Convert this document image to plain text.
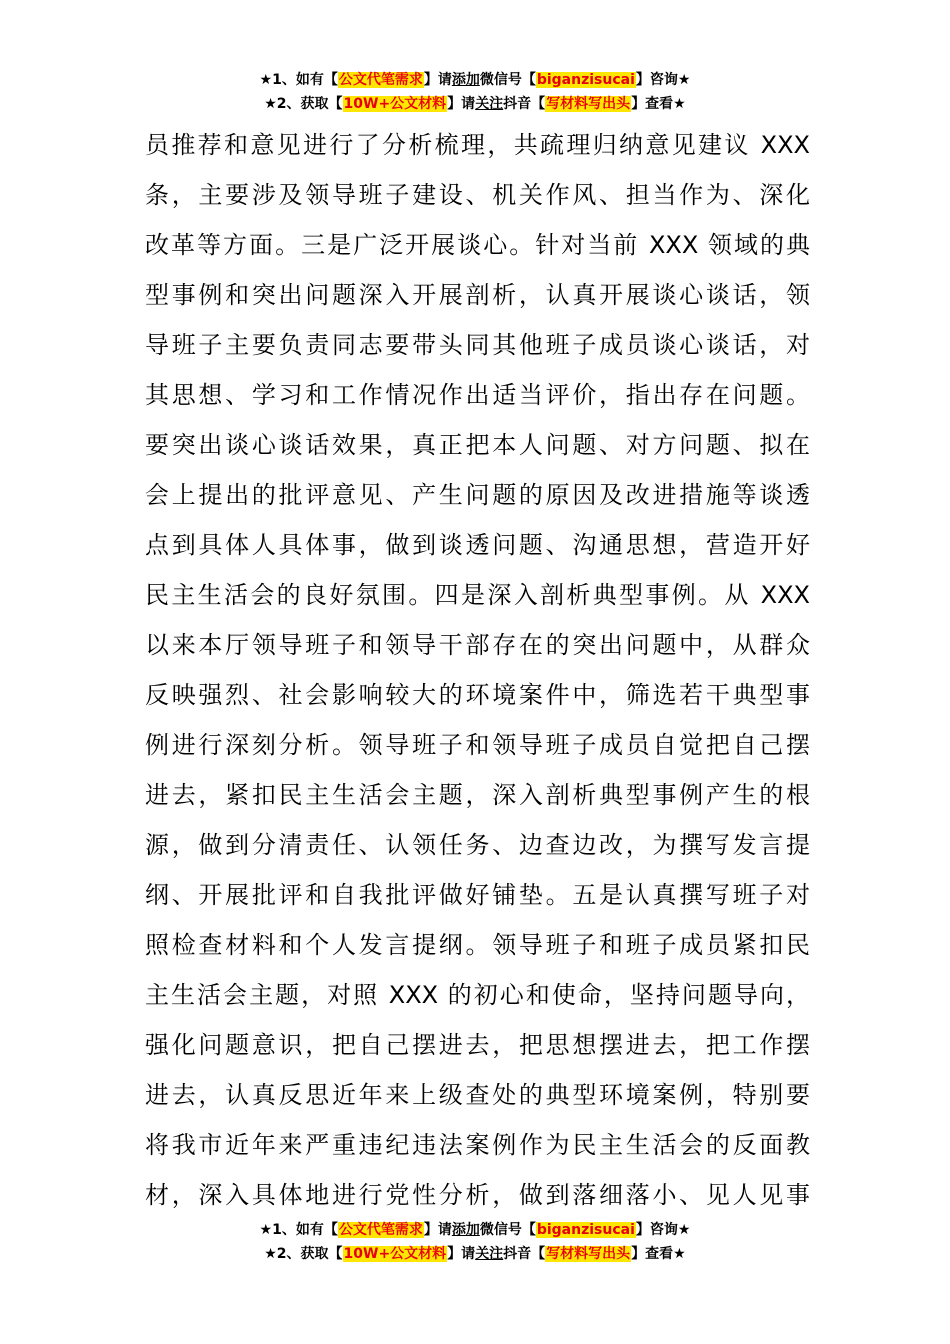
★1、如有【公文代笔需求】请添加微信号【biganzisucai】咨询★
★2、获取【10W+公文材料】请关注抖音【写材料写出头】查看★
员推荐和意见进行了分析梳理，共疏理归纳意见建议 XXX
条，主要涉及领导班子建设、机关作风、担当作为、深化
改革等方面。三是广泛开展谈心。针对当前 XXX 领域的典
型事例和突出问题深入开展剖析，认真开展谈心谈话，领
导班子主要负责同志要带头同其他班子成员谈心谈话，对
其思想、学习和工作情况作出适当评价，指出存在问题。
要突出谈心谈话效果，真正把本人问题、对方问题、拟在
会上提出的批评意见、产生问题的原因及改进措施等谈透
点到具体人具体事，做到谈透问题、沟通思想，营造开好
民主生活会的良好氛围。四是深入剖析典型事例。从 XXX
以来本厅领导班子和领导干部存在的突出问题中，从群众
反映强烈、社会影响较大的环境案件中，筛选若干典型事
例进行深刻分析。领导班子和领导班子成员自觉把自己摆
进去，紧扣民主生活会主题，深入剖析典型事例产生的根
源，做到分清责任、认领任务、边查边改，为撰写发言提
纲、开展批评和自我批评做好铺垫。五是认真撰写班子对
照检查材料和个人发言提纲。领导班子和班子成员紧扣民
主生活会主题，对照 XXX 的初心和使命，坚持问题导向，
强化问题意识，把自己摆进去，把思想摆进去，把工作摆
进去，认真反思近年来上级查处的典型环境案例，特别要
将我市近年来严重违纪违法案例作为民主生活会的反面教
材，深入具体地进行党性分析，做到落细落小、见人见事
★1、如有【公文代笔需求】请添加微信号【biganzisucai】咨询★
★2、获取【10W+公文材料】请关注抖音【写材料写出头】查看★
